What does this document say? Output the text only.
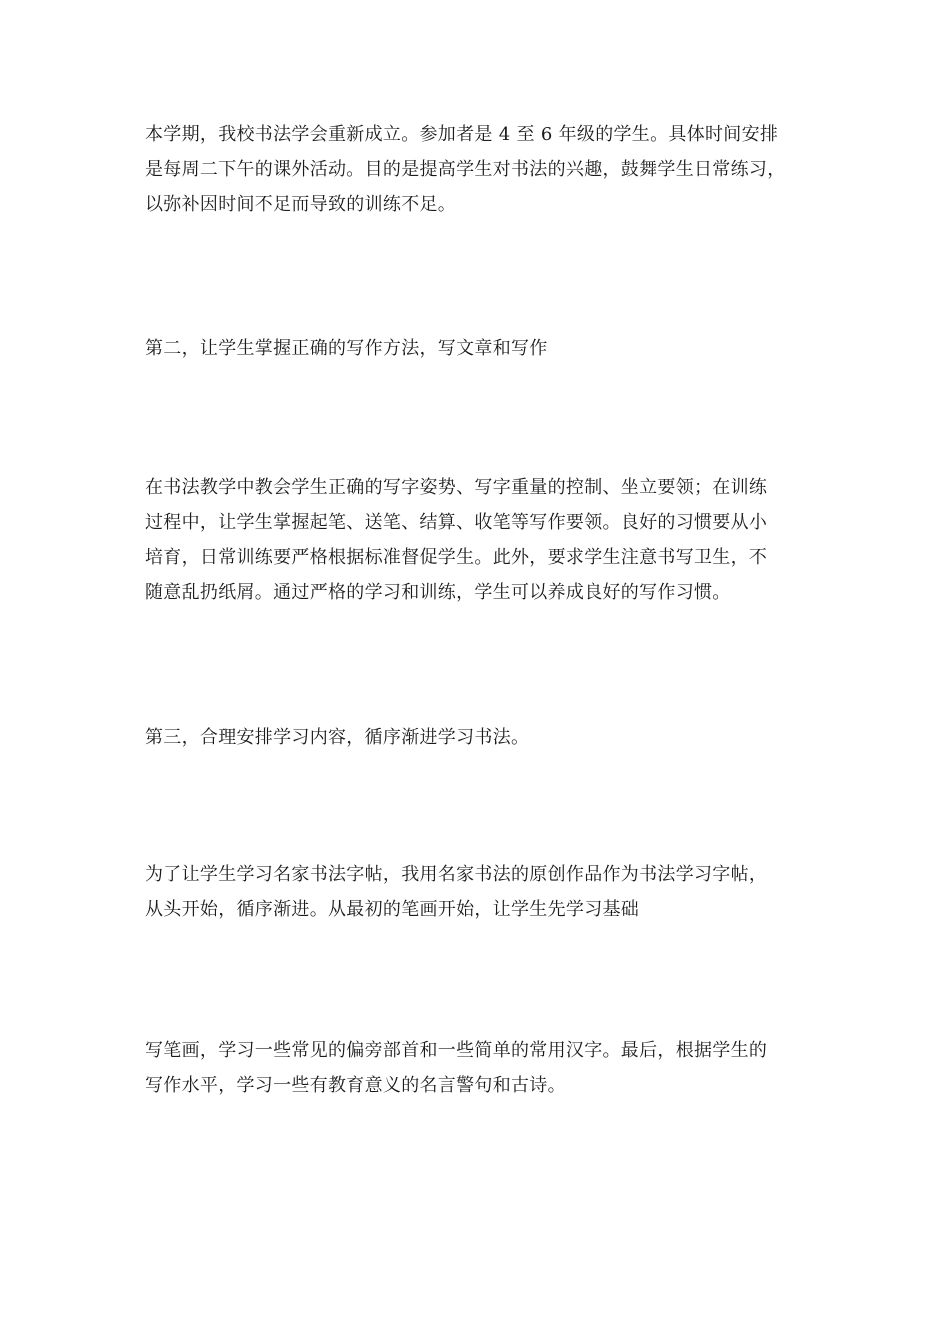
本学期，我校书法学会重新成立。参加者是 4 至 6 年级的学生。具体时间安排
是每周二下午的课外活动。目的是提高学生对书法的兴趣，鼓舞学生日常练习，
以弥补因时间不足而导致的训练不足。

第二，让学生掌握正确的写作方法，写文章和写作

在书法教学中教会学生正确的写字姿势、写字重量的控制、坐立要领；在训练
过程中，让学生掌握起笔、送笔、结算、收笔等写作要领。良好的习惯要从小
培育，日常训练要严格根据标准督促学生。此外，要求学生注意书写卫生，不
随意乱扔纸屑。通过严格的学习和训练，学生可以养成良好的写作习惯。

第三，合理安排学习内容，循序渐进学习书法。

为了让学生学习名家书法字帖，我用名家书法的原创作品作为书法学习字帖，
从头开始，循序渐进。从最初的笔画开始，让学生先学习基础

写笔画，学习一些常见的偏旁部首和一些简单的常用汉字。最后，根据学生的
写作水平，学习一些有教育意义的名言警句和古诗。
